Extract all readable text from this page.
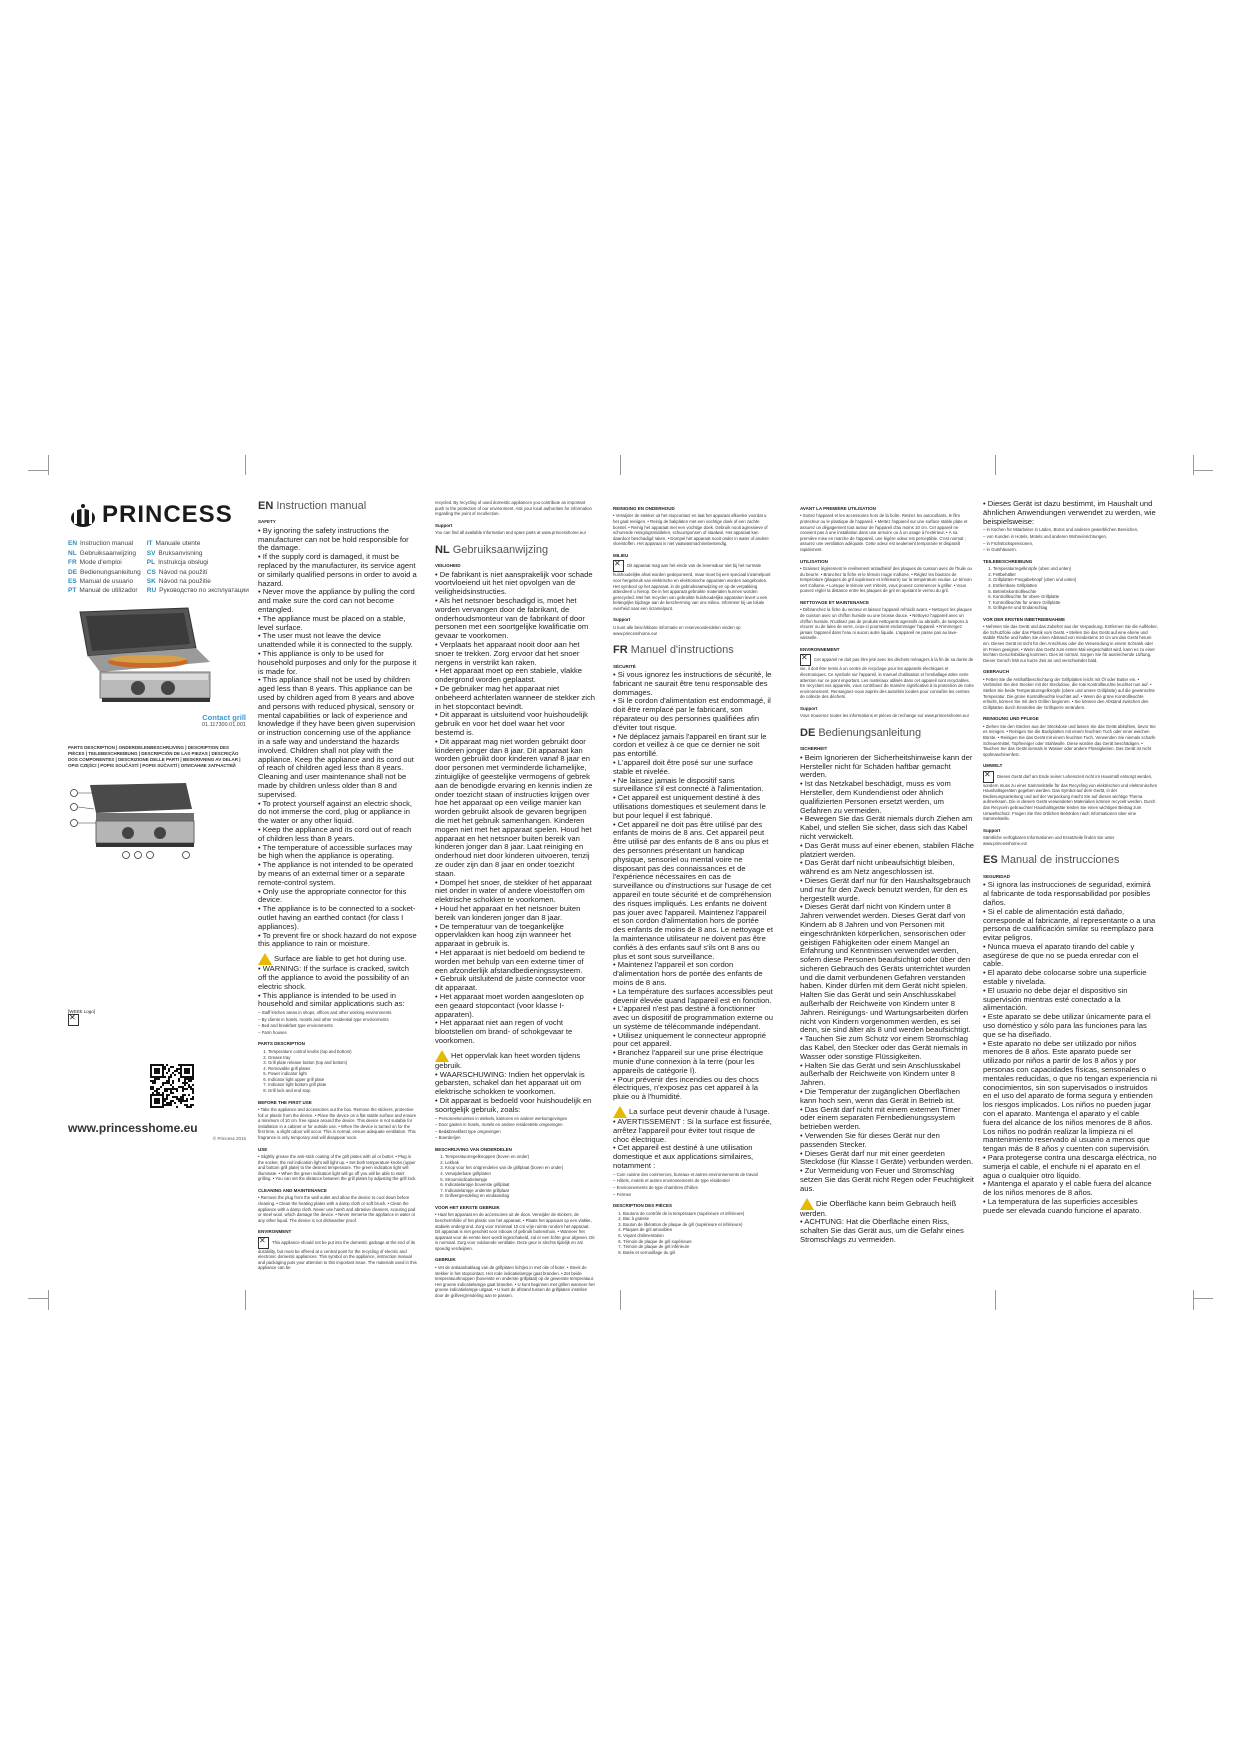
PRINCESS
EN Instruction manual	IT Manuale utente
NL Gebruiksaanwijzing	SV Bruksanvisning
FR Mode d'emploi	PL Instrukcja obsługi
DE Bedienungsanleitung CS Návod na použití
ES Manual de usuario	SK Návod na použitie
PT Manual de utilizador	RU Руководство по эксплуатации
Contact grill
01.117300.01.001
PARTS DESCRIPTION | ONDERDELENBESCHRIJVING | DESCRIPTION DES PIÈCES | TEILEBESCHREIBUNG | DESCRIPCIÓN DE LAS PIEZAS | DESCRIÇÃO DOS COMPONENTES | DESCRIZIONE DELLE PARTI | BESKRIVNING AV DELAR | OPIS CZĘŚCI | POPIS SOUČÁSTÍ | POPIS SÚČASTÍ | ОПИСАНИЕ ЗАПЧАСТЕЙ
[WEEE Logo]
✕
www.princesshome.eu
© Princess 2015
EN Instruction manual
SAFETY

• By ignoring the safety instructions the manufacturer can not be hold responsible for the damage.

• If the supply cord is damaged, it must be replaced by the manufacturer, its service agent or similarly qualified persons in order to avoid a hazard.

• Never move the appliance by pulling the cord and make sure the cord can not become entangled.

• The appliance must be placed on a stable, level surface.

• The user must not leave the device unattended while it is connected to the supply.

• This appliance is only to be used for household purposes and only for the purpose it is made for.

• This appliance shall not be used by children aged less than 8 years. This appliance can be used by children aged from 8 years and above and persons with reduced physical, sensory or mental capabilities or lack of experience and knowledge if they have been given supervision or instruction concerning use of the appliance in a safe way and understand the hazards involved. Children shall not play with the appliance. Keep the appliance and its cord out of reach of children aged less than 8 years. Cleaning and user maintenance shall not be made by children unless older than 8 and supervised.

• To protect yourself against an electric shock, do not immerse the cord, plug or appliance in the water or any other liquid.

• Keep the appliance and its cord out of reach of children less than 8 years.

• The temperature of accessible surfaces may be high when the appliance is operating.

• The appliance is not intended to be operated by means of an external timer or a separate remote-control system.

• Only use the appropriate connector for this device.

• The appliance is to be connected to a socket-outlet having an earthed contact (for class I appliances).

• To prevent fire or shock hazard do not expose this appliance to rain or moisture.

Surface are liable to get hot during use.
• WARNING: If the surface is cracked, switch off the appliance to avoid the possibility of an electric shock.
• This appliance is intended to be used in household and similar applications such as:

– Staff kitchen areas in shops, offices and other working environments

– By clients in hotels, motels and other residential type environments

– Bed and breakfast type environments

– Farm houses

PARTS DESCRIPTION
1. Temperature control knobs (top and bottom)
2. Grease tray
3. Grill plate release button (top and bottom)
4. Removable grill plates
5. Power indicator light
6. Indicator light upper grill plate
7. Indicator light bottom grill plate
8. Grill lock and end stop
BEFORE THE FIRST USE
• Take the appliance and accessories out the box. Remove the stickers, protective foil or plastic from the device. • Place the device on a flat stable surface and ensure a minimum of 10 cm. free space around the device. This device is not suitable for installation in a cabinet or for outside use. • When the device is turned on for the first time, a slight odour will occur. This is normal, ensure adequate ventilation. This fragrance is only temporary and will disappear soon.
USE
• Slightly grease the anti-stick coating of the grill plates with oil or butter. • Plug in the socket, the red indication light will light up. • Set both temperature knobs (upper and bottom grill plate) to the desired temperature. The green indication light will illuminate. • When the green indication light will go off you will be able to start grilling. • You can set the distance between the grill plates by adjusting the grill lock.
CLEANING AND MAINTENANCE
• Remove the plug from the wall outlet and allow the device to cool down before cleaning. • Clean the heating plates with a damp cloth or soft brush. • Clean the appliance with a damp cloth. Never use harsh and abrasive cleaners, scouring pad or steel wool, which damage the device. • Never immerse the appliance in water or any other liquid. The device is not dishwasher proof.
ENVIRONMENT
✕This appliance should not be put into the domestic garbage at the end of its durability, but must be offered at a central point for the recycling of electric and electronic domestic appliances. This symbol on the appliance, instruction manual and packaging puts your attention to this important issue. The materials used in this appliance can be
recycled. By recycling of used domestic appliances you contribute an important push to the protection of our environment. Ask your local authorities for information regarding the point of recollection.
Support
You can find all available information and spare parts at www.princesshome.eu!
NL Gebruiksaanwijzing
VEILIGHEID

• De fabrikant is niet aansprakelijk voor schade voortvloeiend uit het niet opvolgen van de veiligheidsinstructies.

• Als het netsnoer beschadigd is, moet het worden vervangen door de fabrikant, de onderhoudsmonteur van de fabrikant of door personen met een soortgelijke kwalificatie om gevaar te voorkomen.

• Verplaats het apparaat nooit door aan het snoer te trekken. Zorg ervoor dat het snoer nergens in verstrikt kan raken.

• Het apparaat moet op een stabiele, vlakke ondergrond worden geplaatst.

• De gebruiker mag het apparaat niet onbeheerd achterlaten wanneer de stekker zich in het stopcontact bevindt.

• Dit apparaat is uitsluitend voor huishoudelijk gebruik en voor het doel waar het voor bestemd is.

• Dit apparaat mag niet worden gebruikt door kinderen jonger dan 8 jaar. Dit apparaat kan worden gebruikt door kinderen vanaf 8 jaar en door personen met verminderde lichamelijke, zintuiglijke of geestelijke vermogens of gebrek aan de benodigde ervaring en kennis indien ze onder toezicht staan of instructies krijgen over hoe het apparaat op een veilige manier kan worden gebruikt alsook de gevaren begrijpen die met het gebruik samenhangen. Kinderen mogen niet met het apparaat spelen. Houd het apparaat en het netsnoer buiten bereik van kinderen jonger dan 8 jaar. Laat reiniging en onderhoud niet door kinderen uitvoeren, tenzij ze ouder zijn dan 8 jaar en onder toezicht staan.

• Dompel het snoer, de stekker of het apparaat niet onder in water of andere vloeistoffen om elektrische schokken te voorkomen.

• Houd het apparaat en het netsnoer buiten bereik van kinderen jonger dan 8 jaar.

• De temperatuur van de toegankelijke oppervlakken kan hoog zijn wanneer het apparaat in gebruik is.

• Het apparaat is niet bedoeld om bediend te worden met behulp van een externe timer of een afzonderlijk afstandbedieningssysteem.

• Gebruik uitsluitend de juiste connector voor dit apparaat.

• Het apparaat moet worden aangesloten op een geaard stopcontact (voor klasse I-apparaten).

• Het apparaat niet aan regen of vocht blootstellen om brand- of schokgevaar te voorkomen.

Het oppervlak kan heet worden tijdens gebruik.
• WAARSCHUWING: Indien het oppervlak is gebarsten, schakel dan het apparaat uit om elektrische schokken te voorkomen.
• Dit apparaat is bedoeld voor huishoudelijk en soortgelijk gebruik, zoals:

– Personeelsruimtes in winkels, kantoren en andere werkomgevingen

– Door gasten in hotels, motels en andere residentiële omgevingen

– Bed&breakfast type omgevingen

– Boerderijen

BESCHRIJVING VAN ONDERDELEN
1. Temperatuurregelknoppen (boven en onder)
2. Lekbak
3. Knop voor het ontgrendelen van de grillplaat (boven en onder)
4. Verwijderbare grillplaten
5. Stroomindicatielampje
6. Indicatielampje bovenste grillplaat
7. Indicatielampje onderste grillplaat
8. Grillvergrendeling en eindaanslag
VOOR HET EERSTE GEBRUIK
• Haal het apparaat en de accessoires uit de doos. Verwijder de stickers, de beschermfolie of het plastic van het apparaat. • Plaats het apparaat op een vlakke, stabiele ondergrond. Zorg voor minimaal 10 cm vrije ruimte rondom het apparaat. Dit apparaat is niet geschikt voor inbouw of gebruik buitenshuis. • Wanneer het apparaat voor de eerste keer wordt ingeschakeld, zal er een lichte geur afgeven. Dit is normaal. Zorg voor voldoende ventilatie. Deze geur is slechts tijdelijk en zal spoedig verdwijnen.
GEBRUIK
• Vet de antiaanbaklaag van de grillplaten lichtjes in met olie of boter. • Steek de stekker in het stopcontact. Het rode indicatielampje gaat branden. • Zet beide temperatuurknoppen (bovenste en onderste grillplaat) op de gewenste temperatuur. Het groene indicatielampje gaat branden. • U kunt beginnen met grillen wanneer het groene indicatielampje uitgaat. • U kunt de afstand tussen de grillplaten instellen door de grillvergrendeling aan te passen.
REINIGING EN ONDERHOUD
• Verwijder de stekker uit het stopcontact en laat het apparaat afkoelen voordat u het gaat reinigen. • Reinig de bakplaten met een vochtige doek of een zachte borstel. • Reinig het apparaat met een vochtige doek. Gebruik nooit agressieve of schurende reinigingsmiddelen, schuursponsen of staalwol. Het apparaat kan daardoor beschadigd raken. • Dompel het apparaat nooit onder in water of andere vloeistoffen. Het apparaat is niet vaatwasmachinebestendig.
MILIEU
✕Dit apparaat mag aan het einde van de levensduur niet bij het normale huishoudelijke afval worden gedeponeerd, maar moet bij een speciaal inzamelpunt voor hergebruik van elektrische en elektronische apparaten worden aangeboden. Het symbool op het apparaat, in de gebruiksaanwijzing en op de verpakking attendeert u hierop. De in het apparaat gebruikte materialen kunnen worden gerecycled. Met het recyclen van gebruikte huishoudelijke apparaten levert u een belangrijke bijdrage aan de bescherming van ons milieu. Informeer bij uw lokale overheid naar een inzamelpunt.
Support
U kunt alle beschikbare informatie en reserveonderdelen vinden op www.princesshome.eu!
FR Manuel d'instructions
SÉCURITÉ

• Si vous ignorez les instructions de sécurité, le fabricant ne saurait être tenu responsable des dommages.

• Si le cordon d'alimentation est endommagé, il doit être remplacé par le fabricant, son réparateur ou des personnes qualifiées afin d'éviter tout risque.

• Ne déplacez jamais l'appareil en tirant sur le cordon et veillez à ce que ce dernier ne soit pas entortillé.

• L'appareil doit être posé sur une surface stable et nivelée.

• Ne laissez jamais le dispositif sans surveillance s'il est connecté à l'alimentation.

• Cet appareil est uniquement destiné à des utilisations domestiques et seulement dans le but pour lequel il est fabriqué.

• Cet appareil ne doit pas être utilisé par des enfants de moins de 8 ans. Cet appareil peut être utilisé par des enfants de 8 ans ou plus et des personnes présentant un handicap physique, sensoriel ou mental voire ne disposant pas des connaissances et de l'expérience nécessaires en cas de surveillance ou d'instructions sur l'usage de cet appareil en toute sécurité et de compréhension des risques impliqués. Les enfants ne doivent pas jouer avec l'appareil. Maintenez l'appareil et son cordon d'alimentation hors de portée des enfants de moins de 8 ans. Le nettoyage et la maintenance utilisateur ne doivent pas être confiés à des enfants sauf s'ils ont 8 ans ou plus et sont sous surveillance.

• Maintenez l'appareil et son cordon d'alimentation hors de portée des enfants de moins de 8 ans.

• La température des surfaces accessibles peut devenir élevée quand l'appareil est en fonction.

• L'appareil n'est pas destiné à fonctionner avec un dispositif de programmation externe ou un système de télécommande indépendant.

• Utilisez uniquement le connecteur approprié pour cet appareil.

• Branchez l'appareil sur une prise électrique munie d'une connexion à la terre (pour les appareils de catégorie I).

• Pour prévenir des incendies ou des chocs électriques, n'exposez pas cet appareil à la pluie ou à l'humidité.

La surface peut devenir chaude à l'usage.
• AVERTISSEMENT : Si la surface est fissurée, arrêtez l'appareil pour éviter tout risque de choc électrique.
• Cet appareil est destiné à une utilisation domestique et aux applications similaires, notamment :

– Coin cuisine des commerces, bureaux et autres environnements de travail

– Hôtels, motels et autres environnements de type résidentiel

– Environnements de type chambres d'hôtes

– Fermes

DESCRIPTION DES PIÈCES
1. Boutons de contrôle de la température (supérieure et inférieure)
2. Bac à graisse
3. Bouton de libération de plaque de gril (supérieure et inférieure)
4. Plaques de gril amovibles
5. Voyant d'alimentation
6. Témoin de plaque de gril supérieure
7. Témoin de plaque de gril inférieure
8. Butée et verrouillage du gril
AVANT LA PREMIÈRE UTILISATION
• Sortez l'appareil et les accessoires hors de la boîte. Retirez les autocollants, le film protecteur ou le plastique de l'appareil. • Mettez l'appareil sur une surface stable plate et assurez un dégagement tout autour de l'appareil d'au moins 10 cm. Cet appareil ne convient pas à une installation dans une armoire ou à un usage à l'extérieur. • À sa première mise en marche de l'appareil, une légère odeur est perceptible. C'est normal ; assurez une ventilation adéquate. Cette odeur est seulement temporaire et disparaît rapidement.
UTILISATION
• Graissez légèrement le revêtement antiadhésif des plaques de cuisson avec de l'huile ou du beurre. • Branchez la fiche et le témoin rouge s'allume. • Réglez les boutons de température (plaques de gril supérieure et inférieure) sur la température voulue. Le témoin vert s'allume. • Lorsque le témoin vert s'éteint, vous pouvez commencer à griller. • Vous pouvez régler la distance entre les plaques de gril en ajustant le verrou du gril.
NETTOYAGE ET MAINTENANCE
• Débranchez la fiche du secteur et laissez l'appareil refroidir avant. • Nettoyez les plaques de cuisson avec un chiffon humide ou une brosse douce. • Nettoyez l'appareil avec un chiffon humide. N'utilisez pas de produits nettoyants agressifs ou abrasifs, de tampons à récurer ou de laine de verre, ceux-ci pourraient endommager l'appareil. • N'immergez jamais l'appareil dans l'eau ni aucun autre liquide. L'appareil ne passe pas au lave-vaisselle.
ENVIRONNEMENT
✕Cet appareil ne doit pas être jeté avec les déchets ménagers à la fin de sa durée de vie, il doit être remis à un centre de recyclage pour les appareils électriques et électroniques. Ce symbole sur l'appareil, le manuel d'utilisation et l'emballage attire votre attention sur ce point important. Les matériaux utilisés dans cet appareil sont recyclables. En recyclant vos appareils, vous contribuez de manière significative à la protection de notre environnement. Renseignez-vous auprès des autorités locales pour connaître les centres de collecte des déchets.
Support
Vous trouverez toutes les informations et pièces de rechange sur www.princesshome.eu!
DE Bedienungsanleitung
SICHERHEIT

• Beim Ignorieren der Sicherheitshinweise kann der Hersteller nicht für Schäden haftbar gemacht werden.

• Ist das Netzkabel beschädigt, muss es vom Hersteller, dem Kundendienst oder ähnlich qualifizierten Personen ersetzt werden, um Gefahren zu vermeiden.

• Bewegen Sie das Gerät niemals durch Ziehen am Kabel, und stellen Sie sicher, dass sich das Kabel nicht verwickelt.

• Das Gerät muss auf einer ebenen, stabilen Fläche platziert werden.

• Das Gerät darf nicht unbeaufsichtigt bleiben, während es am Netz angeschlossen ist.

• Dieses Gerät darf nur für den Haushaltsgebrauch und nur für den Zweck benutzt werden, für den es hergestellt wurde.

• Dieses Gerät darf nicht von Kindern unter 8 Jahren verwendet werden. Dieses Gerät darf von Kindern ab 8 Jahren und von Personen mit eingeschränkten körperlichen, sensorischen oder geistigen Fähigkeiten oder einem Mangel an Erfahrung und Kenntnissen verwendet werden, sofern diese Personen beaufsichtigt oder über den sicheren Gebrauch des Geräts unterrichtet wurden und die damit verbundenen Gefahren verstanden haben. Kinder dürfen mit dem Gerät nicht spielen. Halten Sie das Gerät und sein Anschlusskabel außerhalb der Reichweite von Kindern unter 8 Jahren. Reinigungs- und Wartungsarbeiten dürfen nicht von Kindern vorgenommen werden, es sei denn, sie sind älter als 8 und werden beaufsichtigt.

• Tauchen Sie zum Schutz vor einem Stromschlag das Kabel, den Stecker oder das Gerät niemals in Wasser oder sonstige Flüssigkeiten.

• Halten Sie das Gerät und sein Anschlusskabel außerhalb der Reichweite von Kindern unter 8 Jahren.

• Die Temperatur der zugänglichen Oberflächen kann hoch sein, wenn das Gerät in Betrieb ist.

• Das Gerät darf nicht mit einem externen Timer oder einem separaten Fernbedienungssystem betrieben werden.

• Verwenden Sie für dieses Gerät nur den passenden Stecker.

• Dieses Gerät darf nur mit einer geerdeten Steckdose (für Klasse I Geräte) verbunden werden.

• Zur Vermeidung von Feuer und Stromschlag setzen Sie das Gerät nicht Regen oder Feuchtigkeit aus.

Die Oberfläche kann beim Gebrauch heiß werden.
• ACHTUNG: Hat die Oberfläche einen Riss, schalten Sie das Gerät aus, um die Gefahr eines Stromschlags zu vermeiden.
• Dieses Gerät ist dazu bestimmt, im Haushalt und ähnlichen Anwendungen verwendet zu werden, wie beispielsweise:

– in Küchen für Mitarbeiter in Läden, Büros und anderen gewerblichen Bereichen,

– von Kunden in Hotels, Motels und anderen Wohneinrichtungen,

– in Frühstückspensionen,

– in Gutshäusern.

TEILEBESCHREIBUNG
1. Temperaturregelknöpfe (oben und unten)
2. Fettbehälter
3. Grillplatten-Freigabeknopf (oben und unten)
4. Entfernbare Grillplatten
5. Betriebskontrollleuchte
6. Kontrollleuchte für obere Grillplatte
7. Kontrollleuchte für untere Grillplatte
8. Grillsperre und Endanschlag
VOR DER ERSTEN INBETRIEBNAHME
• Nehmen Sie das Gerät und das Zubehör aus der Verpackung. Entfernen Sie die Aufkleber, die Schutzfolie oder das Plastik vom Gerät. • Stellen Sie das Gerät auf eine ebene und stabile Fläche und halten Sie einen Abstand von mindestens 10 cm um das Gerät herum ein. Dieses Gerät ist nicht für den Anschluss oder die Verwendung in einem Schrank oder im Freien geeignet. • Wenn das Gerät zum ersten Mal eingeschaltet wird, kann es zu einer leichten Geruchsbildung kommen. Dies ist normal. Sorgen Sie für ausreichende Lüftung. Dieser Geruch hält nur kurze Zeit an und verschwindet bald.
GEBRAUCH
• Fetten Sie die Antihaftbeschichtung der Grillplatten leicht mit Öl oder Butter ein. • Verbinden Sie den Stecker mit der Steckdose, die rote Kontrollleuchte leuchtet nun auf. • Stellen Sie beide Temperaturregelknöpfe (obere und untere Grillplatte) auf die gewünschte Temperatur. Die grüne Kontrollleuchte leuchtet auf. • Wenn die grüne Kontrollleuchte erlischt, können Sie mit dem Grillen beginnen. • Sie können den Abstand zwischen den Grillplatten durch Einstellen der Grillsperre verändern.
REINIGUNG UND PFLEGE
• Ziehen Sie den Stecker aus der Steckdose und lassen Sie das Gerät abkühlen, bevor Sie es reinigen. • Reinigen Sie die Backplatten mit einem feuchten Tuch oder einer weichen Bürste. • Reinigen Sie das Gerät mit einem feuchten Tuch. Verwenden Sie niemals scharfe Scheuermittel, Topfreiniger oder Stahlwolle. Diese würden das Gerät beschädigen. • Tauchen Sie das Gerät niemals in Wasser oder andere Flüssigkeiten. Das Gerät ist nicht spülmaschinenfest.
UMWELT
✕Dieses Gerät darf am Ende seiner Lebenszeit nicht im Hausmüll entsorgt werden, sondern muss zu einer Sammelstelle für das Recycling von elektrischen und elektronischen Haushaltsgeräten gegeben werden. Das Symbol auf dem Gerät, in der Bedienungsanleitung und auf der Verpackung macht Sie auf dieses wichtige Thema aufmerksam. Die in diesem Gerät verwendeten Materialien können recycelt werden. Durch das Recyceln gebrauchter Haushaltsgeräte leisten Sie einen wichtigen Beitrag zum Umweltschutz. Fragen Sie Ihre örtlichen Behörden nach Informationen über eine Sammelstelle.
Support
Sämtliche verfügbaren Informationen und Ersatzteile finden Sie unter www.princesshome.eu!
ES Manual de instrucciones
SEGURIDAD

• Si ignora las instrucciones de seguridad, eximirá al fabricante de toda responsabilidad por posibles daños.

• Si el cable de alimentación está dañado, corresponde al fabricante, al representante o a una persona de cualificación similar su reemplazo para evitar peligros.

• Nunca mueva el aparato tirando del cable y asegúrese de que no se pueda enredar con el cable.

• El aparato debe colocarse sobre una superficie estable y nivelada.

• El usuario no debe dejar el dispositivo sin supervisión mientras esté conectado a la alimentación.

• Este aparato se debe utilizar únicamente para el uso doméstico y sólo para las funciones para las que se ha diseñado.

• Este aparato no debe ser utilizado por niños menores de 8 años. Este aparato puede ser utilizado por niños a partir de los 8 años y por personas con capacidades físicas, sensoriales o mentales reducidas, o que no tengan experiencia ni conocimientos, sin son supervisados o instruidos en el uso del aparato de forma segura y entienden los riesgos implicados. Los niños no pueden jugar con el aparato. Mantenga el aparato y el cable fuera del alcance de los niños menores de 8 años. Los niños no podrán realizar la limpieza ni el mantenimiento reservado al usuario a menos que tengan más de 8 años y cuenten con supervisión.

• Para protegerse contra una descarga eléctrica, no sumerja el cable, el enchufe ni el aparato en el agua o cualquier otro líquido.

• Mantenga el aparato y el cable fuera del alcance de los niños menores de 8 años.

• La temperatura de las superficies accesibles puede ser elevada cuando funcione el aparato.
